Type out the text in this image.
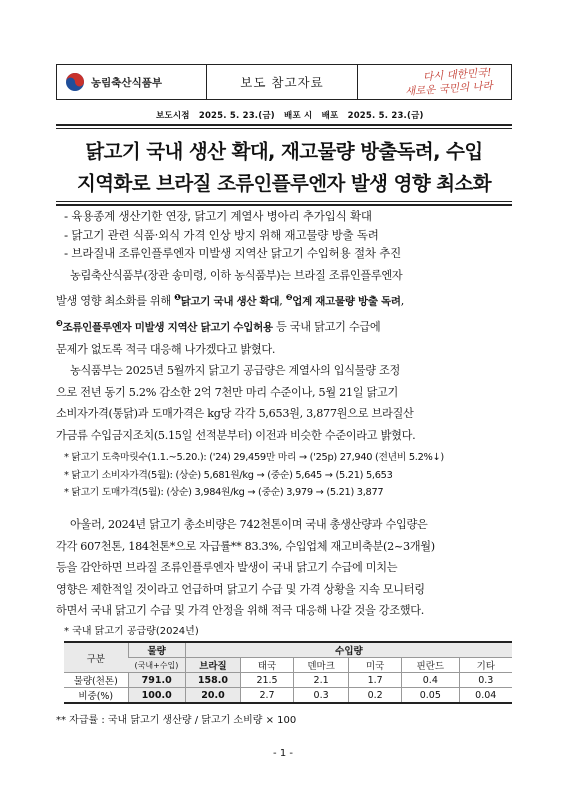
농림축산식품부	보도 참고자료	다시 대한민국!
새로운 국민의 나라
보도시점 2025. 5. 23.(금) 배포 시 배포 2025. 5. 23.(금)
닭고기 국내 생산 확대, 재고물량 방출독려, 수입
지역화로 브라질 조류인플루엔자 발생 영향 최소화
- 육용종계 생산기한 연장, 닭고기 계열사 병아리 추가입식 확대
- 닭고기 관련 식품·외식 가격 인상 방지 위해 재고물량 방출 독려
- 브라질내 조류인플루엔자 미발생 지역산 닭고기 수입허용 절차 추진
농림축산식품부(장관 송미령, 이하 농식품부)는 브라질 조류인플루엔자
발생 영향 최소화를 위해 $^❶$닭고기 국내 생산 확대, $^❷$업계 재고물량 방출 독려,
$^❸$조류인플루엔자 미발생 지역산 닭고기 수입허용 등 국내 닭고기 수급에
문제가 없도록 적극 대응해 나가겠다고 밝혔다.
농식품부는 2025년 5월까지 닭고기 공급량은 계열사의 입식물량 조정
으로 전년 동기 5.2% 감소한 2억 7천만 마리 수준이나, 5월 21일 닭고기
소비자가격(통닭)과 도매가격은 kg당 각각 5,653원, 3,877원으로 브라질산
가금류 수입금지조치(5.15일 선적분부터) 이전과 비슷한 수준이라고 밝혔다.
* 닭고기 도축마릿수(1.1.~5.20.): ('24) 29,459만 마리 → ('25p) 27,940 (전년비 5.2%↓)
* 닭고기 소비자가격(5월): (상순) 5,681원/kg → (중순) 5,645 → (5.21) 5,653
* 닭고기 도매가격(5월): (상순) 3,984원/kg → (중순) 3,979 → (5.21) 3,877
아울러, 2024년 닭고기 총소비량은 742천톤이며 국내 총생산량과 수입량은
각각 607천톤, 184천톤*으로 자급률** 83.3%, 수입업체 재고비축분(2~3개월)
등을 감안하면 브라질 조류인플루엔자 발생이 국내 닭고기 수급에 미치는
영향은 제한적일 것이라고 언급하며 닭고기 수급 및 가격 상황을 지속 모니터링
하면서 국내 닭고기 수급 및 가격 안정을 위해 적극 대응해 나갈 것을 강조했다.
* 국내 닭고기 공급량(2024년)
구분	물량	수입량					
	(국내+수입)	브라질	태국	덴마크	미국	핀란드	기타
물량(천톤)	791.0	158.0	21.5	2.1	1.7	0.4	0.3
비중(%)	100.0	20.0	2.7	0.3	0.2	0.05	0.04
** 자급률 : 국내 닭고기 생산량 / 닭고기 소비량 × 100
- 1 -
